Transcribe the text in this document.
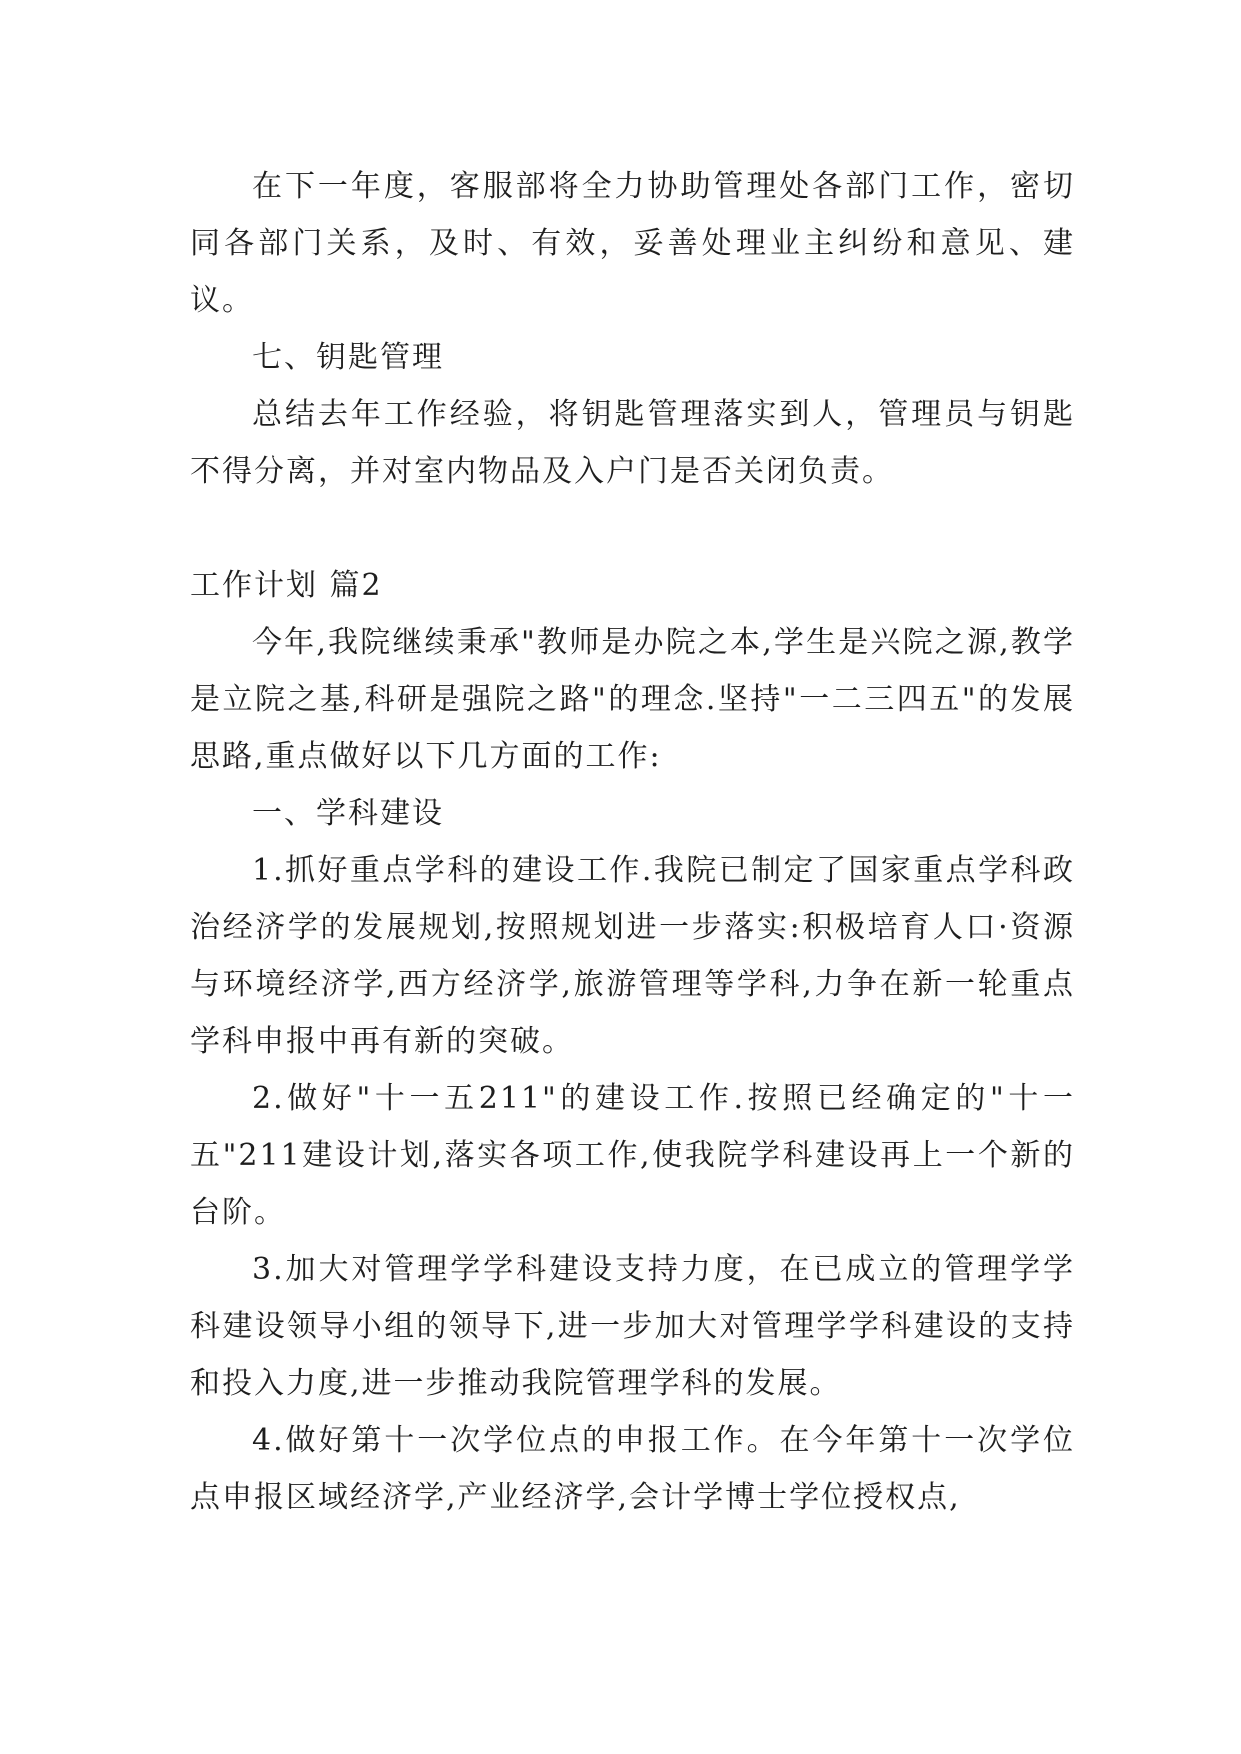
在下一年度，客服部将全力协助管理处各部门工作，密切同各部门关系，及时、有效，妥善处理业主纠纷和意见、建议。

七、钥匙管理

总结去年工作经验，将钥匙管理落实到人，管理员与钥匙不得分离，并对室内物品及入户门是否关闭负责。

工作计划 篇2

今年,我院继续秉承"教师是办院之本,学生是兴院之源,教学是立院之基,科研是强院之路"的理念.坚持"一二三四五"的发展思路,重点做好以下几方面的工作:

一、学科建设

1.抓好重点学科的建设工作.我院已制定了国家重点学科政治经济学的发展规划,按照规划进一步落实:积极培育人口·资源与环境经济学,西方经济学,旅游管理等学科,力争在新一轮重点学科申报中再有新的突破。

2.做好"十一五211"的建设工作.按照已经确定的"十一五"211建设计划,落实各项工作,使我院学科建设再上一个新的台阶。

3.加大对管理学学科建设支持力度，在已成立的管理学学科建设领导小组的领导下,进一步加大对管理学学科建设的支持和投入力度,进一步推动我院管理学科的发展。

4.做好第十一次学位点的申报工作。在今年第十一次学位点申报区域经济学,产业经济学,会计学博士学位授权点,
